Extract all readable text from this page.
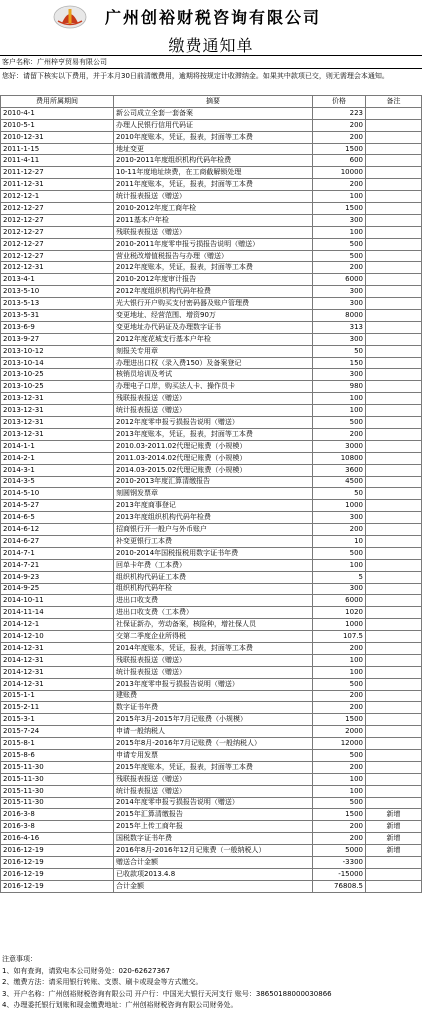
广州创裕财税咨询有限公司
缴费通知单
客户名称：广州梓亨贸易有限公司
您好：请留下核实以下费用，并于本月30日前清缴费用，逾期将按规定计收滞纳金。如果其中款项已交，则无需理会本通知。
费用所属期间	摘要	价格	备注
2010-4-1	新公司成立全套一套备案	223	
2010-5-1	办理人民银行信用代码证	200	
2010-12-31	2010年度账本，凭证，报表，封面等工本费	200	
2011-1-15	地址变更	1500	
2011-4-11	2010-2011年度组织机构代码年检费	600	
2011-12-27	10-11年度地址续费，在工商截解锁处理	10000	
2011-12-31	2011年度账本，凭证，报表，封面等工本费	200	
2012-12-1	统计报表报送（赠送）	100	
2012-12-27	2010-2012年度工商年检	1500	
2012-12-27	2011基本户年检	300	
2012-12-27	残联报表报送（赠送）	100	
2012-12-27	2010-2011年度零申报亏损报告说明（赠送）	500	
2012-12-27	营业税改增值税报告与办理（赠送）	500	
2012-12-31	2012年度账本，凭证，报表，封面等工本费	200	
2013-4-1	2010-2012年度审计报告	6000	
2013-5-10	2012年度组织机构代码年检费	300	
2013-5-13	光大银行开户购买支付密码器及账户管理费	300	
2013-5-31	变更地址、经营范围、增资90万	8000	
2013-6-9	变更地址办代码证及办理数字证书	313	
2013-9-27	2012年度花城支行基本户年检	300	
2013-10-12	刻报关专用章	50	
2013-10-14	办理进出口权（录入费150）及备案登记	150	
2013-10-25	核销员培训及考试	300	
2013-10-25	办理电子口岸，购买法人卡、操作员卡	980	
2013-12-31	残联报表报送（赠送）	100	
2013-12-31	统计报表报送（赠送）	100	
2013-12-31	2012年度零申报亏损报告说明（赠送）	500	
2013-12-31	2013年度账本，凭证，报表，封面等工本费	200	
2014-1-1	2010.03-2011.02代理记账费（小规模）	3000	
2014-2-1	2011.03-2014.02代理记账费（小规模）	10800	
2014-3-1	2014.03-2015.02代理记账费（小规模）	3600	
2014-3-5	2010-2013年度汇算清缴报告	4500	
2014-5-10	刻圆钢发票章	50	
2014-5-27	2013年度商事登记	1000	
2014-6-5	2013年度组织机构代码年检费	300	
2014-6-12	招商银行开一般户与外币账户	200	
2014-6-27	补变更银行工本费	10	
2014-7-1	2010-2014年国税报税用数字证书年费	500	
2014-7-21	回单卡年费（工本费）	100	
2014-9-23	组织机构代码证工本费	5	
2014-9-25	组织机构代码年检	300	
2014-10-11	进出口收支费	6000	
2014-11-14	进出口收支费（工本费）	1020	
2014-12-1	社保证新办，劳动备案，核险种，增社保人员	1000	
2014-12-10	交第二季度企业所得税	107.5	
2014-12-31	2014年度账本，凭证，报表，封面等工本费	200	
2014-12-31	残联报表报送（赠送）	100	
2014-12-31	统计报表报送（赠送）	100	
2014-12-31	2013年度零申报亏损报告说明（赠送）	500	
2015-1-1	建账费	200	
2015-2-11	数字证书年费	200	
2015-3-1	2015年3月-2015年7月记账费（小规模）	1500	
2015-7-24	申请一般纳税人	2000	
2015-8-1	2015年8月-2016年7月记账费（一般纳税人）	12000	
2015-8-6	申请专用发票	500	
2015-11-30	2015年度账本，凭证，报表，封面等工本费	200	
2015-11-30	残联报表报送（赠送）	100	
2015-11-30	统计报表报送（赠送）	100	
2015-11-30	2014年度零申报亏损报告说明（赠送）	500	
2016-3-8	2015年汇算清缴报告	1500	新增
2016-3-8	2015年上传工商年报	200	新增
2016-4-16	国税数字证书年费	200	新增
2016-12-19	2016年8月-2016年12月记账费（一般纳税人）	5000	新增
2016-12-19	赠送合计金额	-3300	
2016-12-19	已收款项2013.4.8	-15000	
2016-12-19	合计金额	76808.5	
注意事项：
1、如有查询，请致电本公司财务处：020-62627367
2、缴费方法：请采用银行转账、支票、刷卡或现金等方式缴交。
3、开户名称：广州创裕财税咨询有限公司 开户行：中国光大银行天河支行 账号：38650188000030866
4、办理委托银行划账和现金缴费地址：广州创裕财税咨询有限公司财务处。
